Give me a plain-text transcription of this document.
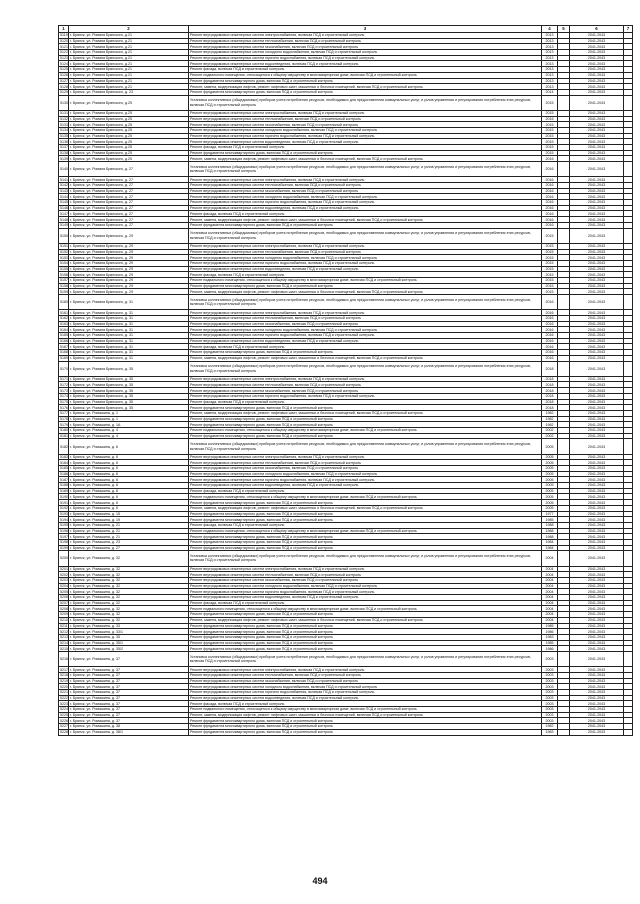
1	2	3	4	5	6	7
5119	г. Брянск, ул. Романа Брянского, д.21	Ремонт внутридомовых инженерных систем электроснабжения, включая ПСД и строительный контроль	2013		2041-2043	
5120	г. Брянск, ул. Романа Брянского, д.21	Ремонт внутридомовых инженерных систем теплоснабжения, включая ПСД и строительный контроль	2013		2041-2043	
5121	г. Брянск, ул. Романа Брянского, д.21	Ремонт внутридомовых инженерных систем газоснабжения, включая ПСД и строительный контроль	2013		2041-2043	
5122	г. Брянск, ул. Романа Брянского, д.21	Ремонт внутридомовых инженерных систем холодного водоснабжения, включая ПСД и строительный контроль	2013		2041-2043	
5123	г. Брянск, ул. Романа Брянского, д.21	Ремонт внутридомовых инженерных систем горячего водоснабжения, включая ПСД и строительный контроль	2013		2041-2043	
5124	г. Брянск, ул. Романа Брянского, д.21	Ремонт внутридомовых инженерных систем водоотведения, включая ПСД и строительный контроль	2013		2041-2043	
5125	г. Брянск, ул. Романа Брянского, д.21	Ремонт фасада, включая ПСД и строительный контроль	2013		2041-2043	
5126	г. Брянск, ул. Романа Брянского, д.21	Ремонт подвального помещения, относящегося к общему имуществу в многоквартирном доме, включая ПСД и строительный контроль	2013		2041-2043	
5127	г. Брянск, ул. Романа Брянского, д.21	Ремонт фундамента многоквартирного дома, включая ПСД и строительный контроль	2013		2041-2043	
5128	г. Брянск, ул. Романа Брянского, д.21	Ремонт, замена, модернизация лифтов, ремонт лифтовых шахт, машинных и блочных помещений, включая ПСД и строительный контроль	2013		2041-2043	
5129	г. Брянск, ул. Романа Брянского, д. 23	Ремонт фундамента многоквартирного дома, включая ПСД и строительный контроль	2014		2041-2043	
5130	г. Брянск, ул. Романа Брянского, д.25	Установка коллективных (общедомовых) приборов учета потребления ресурсов, необходимых для предоставления коммунальных услуг, и узлов управления и регулирования потребления этих ресурсов, включая ПСД и строительный контроль	2015		2041-2043	
5131	г. Брянск, ул. Романа Брянского, д.25	Ремонт внутридомовых инженерных систем электроснабжения, включая ПСД и строительный контроль	2015		2041-2043	
5132	г. Брянск, ул. Романа Брянского, д.25	Ремонт внутридомовых инженерных систем теплоснабжения, включая ПСД и строительный контроль	2015		2041-2043	
5133	г. Брянск, ул. Романа Брянского, д.25	Ремонт внутридомовых инженерных систем газоснабжения, включая ПСД и строительный контроль	2015		2041-2043	
5134	г. Брянск, ул. Романа Брянского, д.25	Ремонт внутридомовых инженерных систем холодного водоснабжения, включая ПСД и строительный контроль	2015		2041-2043	
5135	г. Брянск, ул. Романа Брянского, д.25	Ремонт внутридомовых инженерных систем горячего водоснабжения, включая ПСД и строительный контроль	2015		2041-2043	
5136	г. Брянск, ул. Романа Брянского, д.25	Ремонт внутридомовых инженерных систем водоотведения, включая ПСД и строительный контроль	2015		2041-2043	
5137	г. Брянск, ул. Романа Брянского, д.25	Ремонт фасада, включая ПСД и строительный контроль	2015		2041-2043	
5138	г. Брянск, ул. Романа Брянского, д.25	Ремонт фундамента многоквартирного дома, включая ПСД и строительный контроль	2015		2041-2043	
5139	г. Брянск, ул. Романа Брянского, д.25	Ремонт, замена, модернизация лифтов, ремонт лифтовых шахт, машинных и блочных помещений, включая ПСД и строительный контроль	2015		2041-2043	
5140	г. Брянск, ул. Романа Брянского, д. 27	Установка коллективных (общедомовых) приборов учета потребления ресурсов, необходимых для предоставления коммунальных услуг, и узлов управления и регулирования потребления этих ресурсов, включая ПСД и строительный контроль	2016		2041-2043	
5141	г. Брянск, ул. Романа Брянского, д. 27	Ремонт внутридомовых инженерных систем электроснабжения, включая ПСД и строительный контроль	2016		2041-2043	
5142	г. Брянск, ул. Романа Брянского, д. 27	Ремонт внутридомовых инженерных систем теплоснабжения, включая ПСД и строительный контроль	2016		2041-2043	
5143	г. Брянск, ул. Романа Брянского, д. 27	Ремонт внутридомовых инженерных систем газоснабжения, включая ПСД и строительный контроль	2016		2041-2043	
5144	г. Брянск, ул. Романа Брянского, д. 27	Ремонт внутридомовых инженерных систем холодного водоснабжения, включая ПСД и строительный контроль	2016		2041-2043	
5145	г. Брянск, ул. Романа Брянского, д. 27	Ремонт внутридомовых инженерных систем горячего водоснабжения, включая ПСД и строительный контроль	2016		2041-2043	
5146	г. Брянск, ул. Романа Брянского, д. 27	Ремонт внутридомовых инженерных систем водоотведения, включая ПСД и строительный контроль	2016		2041-2043	
5147	г. Брянск, ул. Романа Брянского, д. 27	Ремонт фасада, включая ПСД и строительный контроль	2016		2041-2043	
5148	г. Брянск, ул. Романа Брянского, д. 27	Ремонт, замена, модернизация лифтов, ремонт лифтовых шахт, машинных и блочных помещений, включая ПСД и строительный контроль	2016		2041-2043	
5149	г. Брянск, ул. Романа Брянского, д. 27	Ремонт фундамента многоквартирного дома, включая ПСД и строительный контроль	2016		2041-2043	
5150	г. Брянск, ул. Романа Брянского, д. 29	Установка коллективных (общедомовых) приборов учета потребления ресурсов, необходимых для предоставления коммунальных услуг, и узлов управления и регулирования потребления этих ресурсов, включая ПСД и строительный контроль	2015		2041-2043	
5151	г. Брянск, ул. Романа Брянского, д. 29	Ремонт внутридомовых инженерных систем электроснабжения, включая ПСД и строительный контроль	2015		2041-2043	
5152	г. Брянск, ул. Романа Брянского, д. 29	Ремонт внутридомовых инженерных систем теплоснабжения, включая ПСД и строительный контроль	2015		2041-2043	
5153	г. Брянск, ул. Романа Брянского, д. 29	Ремонт внутридомовых инженерных систем холодного водоснабжения, включая ПСД и строительный контроль	2015		2041-2043	
5154	г. Брянск, ул. Романа Брянского, д. 29	Ремонт внутридомовых инженерных систем горячего водоснабжения, включая ПСД и строительный контроль	2015		2041-2043	
5155	г. Брянск, ул. Романа Брянского, д. 29	Ремонт внутридомовых инженерных систем водоотведения, включая ПСД и строительный контроль	2015		2041-2043	
5156	г. Брянск, ул. Романа Брянского, д. 29	Ремонт фасада, включая ПСД и строительный контроль	2015		2041-2043	
5157	г. Брянск, ул. Романа Брянского, д. 29	Ремонт подвального помещения, относящегося к общему имуществу в многоквартирном доме, включая ПСД и строительный контроль	2015		2041-2043	
5158	г. Брянск, ул. Романа Брянского, д. 29	Ремонт фундамента многоквартирного дома, включая ПСД и строительный контроль	2015		2041-2043	
5159	г. Брянск, ул. Романа Брянского, д. 29	Ремонт, замена, модернизация лифтов, ремонт лифтовых шахт, машинных и блочных помещений, включая ПСД и строительный контроль	2015		2041-2043	
5160	г. Брянск, ул. Романа Брянского, д. 31	Установка коллективных (общедомовых) приборов учета потребления ресурсов, необходимых для предоставления коммунальных услуг, и узлов управления и регулирования потребления этих ресурсов, включая ПСД и строительный контроль	2016		2041-2043	
5161	г. Брянск, ул. Романа Брянского, д. 31	Ремонт внутридомовых инженерных систем электроснабжения, включая ПСД и строительный контроль	2016		2041-2043	
5162	г. Брянск, ул. Романа Брянского, д. 31	Ремонт внутридомовых инженерных систем теплоснабжения, включая ПСД и строительный контроль	2016		2041-2043	
5163	г. Брянск, ул. Романа Брянского, д. 31	Ремонт внутридомовых инженерных систем газоснабжения, включая ПСД и строительный контроль	2016		2041-2043	
5164	г. Брянск, ул. Романа Брянского, д. 31	Ремонт внутридомовых инженерных систем холодного водоснабжения, включая ПСД и строительный контроль	2016		2041-2043	
5165	г. Брянск, ул. Романа Брянского, д. 31	Ремонт внутридомовых инженерных систем горячего водоснабжения, включая ПСД и строительный контроль	2016		2041-2043	
5166	г. Брянск, ул. Романа Брянского, д. 31	Ремонт внутридомовых инженерных систем водоотведения, включая ПСД и строительный контроль	2016		2041-2043	
5167	г. Брянск, ул. Романа Брянского, д. 31	Ремонт фасада, включая ПСД и строительный контроль	2016		2041-2043	
5168	г. Брянск, ул. Романа Брянского, д. 31	Ремонт фундамента многоквартирного дома, включая ПСД и строительный контроль	2016		2041-2043	
5169	г. Брянск, ул. Романа Брянского, д. 31	Ремонт, замена, модернизация лифтов, ремонт лифтовых шахт, машинных и блочных помещений, включая ПСД и строительный контроль	2016		2041-2043	
5170	г. Брянск, ул. Романа Брянского, д. 35	Установка коллективных (общедомовых) приборов учета потребления ресурсов, необходимых для предоставления коммунальных услуг, и узлов управления и регулирования потребления этих ресурсов, включая ПСД и строительный контроль	2018		2041-2043	
5171	г. Брянск, ул. Романа Брянского, д. 35	Ремонт внутридомовых инженерных систем электроснабжения, включая ПСД и строительный контроль	2018		2041-2043	
5172	г. Брянск, ул. Романа Брянского, д. 35	Ремонт внутридомовых инженерных систем теплоснабжения, включая ПСД и строительный контроль	2018		2041-2043	
5173	г. Брянск, ул. Романа Брянского, д. 35	Ремонт внутридомовых инженерных систем газоснабжения, включая ПСД и строительный контроль	2018		2041-2043	
5174	г. Брянск, ул. Романа Брянского, д. 35	Ремонт внутридомовых инженерных систем горячего водоснабжения, включая ПСД и строительный контроль	2018		2041-2043	
5175	г. Брянск, ул. Романа Брянского, д. 35	Ремонт фасада, включая ПСД и строительный контроль	2018		2041-2043	
5176	г. Брянск, ул. Романа Брянского, д. 35	Ремонт фундамента многоквартирного дома, включая ПСД и строительный контроль	2018		2041-2043	
5177	г. Брянск, ул. Ромашина, д. 1	Ремонт, замена, модернизация лифтов, ремонт лифтовых шахт, машинных и блочных помещений, включая ПСД и строительный контроль	1982		2041-2043	
5178	г. Брянск, ул. Ромашина, д. 1	Ремонт фундамента многоквартирного дома, включая ПСД и строительный контроль	1982		2041-2043	
5179	г. Брянск, ул. Ромашина, д. 1А	Ремонт фундамента многоквартирного дома, включая ПСД и строительный контроль	1982		2041-2043	
5180	г. Брянск, ул. Ромашина, д. 4	Ремонт подвального помещения, относящегося к общему имуществу в многоквартирном доме, включая ПСД и строительный контроль	2002		2041-2043	
5181	г. Брянск, ул. Ромашина, д. 4	Ремонт фундамента многоквартирного дома, включая ПСД и строительный контроль	2002		2041-2043	
5182	г. Брянск, ул. Ромашина, д. 6	Установка коллективных (общедомовых) приборов учета потребления ресурсов, необходимых для предоставления коммунальных услуг, и узлов управления и регулирования потребления этих ресурсов, включая ПСД и строительный контроль	2005		2041-2043	
5183	г. Брянск, ул. Ромашина, д. 6	Ремонт внутридомовых инженерных систем электроснабжения, включая ПСД и строительный контроль	2005		2041-2043	
5184	г. Брянск, ул. Ромашина, д. 6	Ремонт внутридомовых инженерных систем теплоснабжения, включая ПСД и строительный контроль	2005		2041-2043	
5185	г. Брянск, ул. Ромашина, д. 6	Ремонт внутридомовых инженерных систем газоснабжения, включая ПСД и строительный контроль	2005		2041-2043	
5186	г. Брянск, ул. Ромашина, д. 6	Ремонт внутридомовых инженерных систем холодного водоснабжения, включая ПСД и строительный контроль	2005		2041-2043	
5187	г. Брянск, ул. Ромашина, д. 6	Ремонт внутридомовых инженерных систем горячего водоснабжения, включая ПСД и строительный контроль	2005		2041-2043	
5188	г. Брянск, ул. Ромашина, д. 6	Ремонт внутридомовых инженерных систем водоотведения, включая ПСД и строительный контроль	2005		2041-2043	
5189	г. Брянск, ул. Ромашина, д. 6	Ремонт фасада, включая ПСД и строительный контроль	2005		2041-2043	
5190	г. Брянск, ул. Ромашина, д. 6	Ремонт подвального помещения, относящегося к общему имуществу в многоквартирном доме, включая ПСД и строительный контроль	2005		2041-2043	
5191	г. Брянск, ул. Ромашина, д. 6	Ремонт фундамента многоквартирного дома, включая ПСД и строительный контроль	2005		2041-2043	
5192	г. Брянск, ул. Ромашина, д. 6	Ремонт, замена, модернизация лифтов, ремонт лифтовых шахт, машинных и блочных помещений, включая ПСД и строительный контроль	2005		2041-2043	
5193	г. Брянск, ул. Ромашина, д. 15	Ремонт фундамента многоквартирного дома, включая ПСД и строительный контроль	1977		2041-2043	
5194	г. Брянск, ул. Ромашина, д. 19	Ремонт фундамента многоквартирного дома, включая ПСД и строительный контроль	1985		2041-2043	
5195	г. Брянск, ул. Ромашина, д. 21	Ремонт фасада, включая ПСД и строительный контроль	1988		2041-2043	
5196	г. Брянск, ул. Ромашина, д. 21	Ремонт подвального помещения, относящегося к общему имуществу в многоквартирном доме, включая ПСД и строительный контроль	1988		2041-2043	
5197	г. Брянск, ул. Ромашина, д. 21	Ремонт фундамента многоквартирного дома, включая ПСД и строительный контроль	1988		2041-2043	
5198	г. Брянск, ул. Ромашина, д. 23	Ремонт фундамента многоквартирного дома, включая ПСД и строительный контроль	1984		2041-2043	
5199	г. Брянск, ул. Ромашина, д. 27	Ремонт фундамента многоквартирного дома, включая ПСД и строительный контроль	1984		2041-2043	
5200	г. Брянск, ул. Ромашина, д. 32	Установка коллективных (общедомовых) приборов учета потребления ресурсов, необходимых для предоставления коммунальных услуг, и узлов управления и регулирования потребления этих ресурсов, включая ПСД и строительный контроль	2004		2041-2043	
5201	г. Брянск, ул. Ромашина, д. 32	Ремонт внутридомовых инженерных систем электроснабжения, включая ПСД и строительный контроль	2004		2041-2043	
5202	г. Брянск, ул. Ромашина, д. 32	Ремонт внутридомовых инженерных систем теплоснабжения, включая ПСД и строительный контроль	2004		2041-2043	
5203	г. Брянск, ул. Ромашина, д. 32	Ремонт внутридомовых инженерных систем газоснабжения, включая ПСД и строительный контроль	2004		2041-2043	
5204	г. Брянск, ул. Ромашина, д. 32	Ремонт внутридомовых инженерных систем холодного водоснабжения, включая ПСД и строительный контроль	2004		2041-2043	
5205	г. Брянск, ул. Ромашина, д. 32	Ремонт внутридомовых инженерных систем горячего водоснабжения, включая ПСД и строительный контроль	2004		2041-2043	
5206	г. Брянск, ул. Ромашина, д. 32	Ремонт внутридомовых инженерных систем водоотведения, включая ПСД и строительный контроль	2004		2041-2043	
5207	г. Брянск, ул. Ромашина, д. 32	Ремонт фасада, включая ПСД и строительный контроль	2004		2041-2043	
5208	г. Брянск, ул. Ромашина, д. 32	Ремонт подвального помещения, относящегося к общему имуществу в многоквартирном доме, включая ПСД и строительный контроль	2004		2041-2043	
5209	г. Брянск, ул. Ромашина, д. 32	Ремонт фундамента многоквартирного дома, включая ПСД и строительный контроль	2004		2041-2043	
5210	г. Брянск, ул. Ромашина, д. 32	Ремонт, замена, модернизация лифтов, ремонт лифтовых шахт, машинных и блочных помещений, включая ПСД и строительный контроль	2004		2041-2043	
5211	г. Брянск, ул. Ромашина, д. 33	Ремонт фундамента многоквартирного дома, включая ПСД и строительный контроль	1985		2041-2043	
5212	г. Брянск, ул. Ромашина, д. 33/1	Ремонт фундамента многоквартирного дома, включая ПСД и строительный контроль	1986		2041-2043	
5213	г. Брянск, ул. Ромашина, д. 35	Ремонт фундамента многоквартирного дома, включая ПСД и строительный контроль	1983		2041-2043	
5214	г. Брянск, ул. Ромашина, д. 35/1	Ремонт фундамента многоквартирного дома, включая ПСД и строительный контроль	1985		2041-2043	
5215	г. Брянск, ул. Ромашина, д. 35/2	Ремонт фундамента многоквартирного дома, включая ПСД и строительный контроль	1986		2041-2043	
5216	г. Брянск, ул. Ромашина, д. 37	Установка коллективных (общедомовых) приборов учета потребления ресурсов, необходимых для предоставления коммунальных услуг, и узлов управления и регулирования потребления этих ресурсов, включая ПСД и строительный контроль	2003		2041-2043	
5217	г. Брянск, ул. Ромашина, д. 37	Ремонт внутридомовых инженерных систем электроснабжения, включая ПСД и строительный контроль	2003		2041-2043	
5218	г. Брянск, ул. Ромашина, д. 37	Ремонт внутридомовых инженерных систем теплоснабжения, включая ПСД и строительный контроль	2003		2041-2043	
5219	г. Брянск, ул. Ромашина, д. 37	Ремонт внутридомовых инженерных систем газоснабжения, включая ПСД и строительный контроль	2003		2041-2043	
5220	г. Брянск, ул. Ромашина, д. 37	Ремонт внутридомовых инженерных систем холодного водоснабжения, включая ПСД и строительный контроль	2003		2041-2043	
5221	г. Брянск, ул. Ромашина, д. 37	Ремонт внутридомовых инженерных систем горячего водоснабжения, включая ПСД и строительный контроль	2003		2041-2043	
5222	г. Брянск, ул. Ромашина, д. 37	Ремонт внутридомовых инженерных систем водоотведения, включая ПСД и строительный контроль	2003		2041-2043	
5223	г. Брянск, ул. Ромашина, д. 37	Ремонт фасада, включая ПСД и строительный контроль	2003		2041-2043	
5224	г. Брянск, ул. Ромашина, д. 37	Ремонт подвального помещения, относящегося к общему имуществу в многоквартирном доме, включая ПСД и строительный контроль	2003		2041-2043	
5225	г. Брянск, ул. Ромашина, д. 37	Ремонт, замена, модернизация лифтов, ремонт лифтовых шахт, машинных и блочных помещений, включая ПСД и строительный контроль	2003		2041-2043	
5226	г. Брянск, ул. Ромашина, д. 37	Ремонт фундамента многоквартирного дома, включая ПСД и строительный контроль	2003		2041-2043	
5227	г. Брянск, ул. Ромашина, д. 38	Ремонт фундамента многоквартирного дома, включая ПСД и строительный контроль	1982		2041-2043	
5228	г. Брянск, ул. Ромашина, д. 38/1	Ремонт фундамента многоквартирного дома, включая ПСД и строительный контроль	1983		2041-2043	
494
